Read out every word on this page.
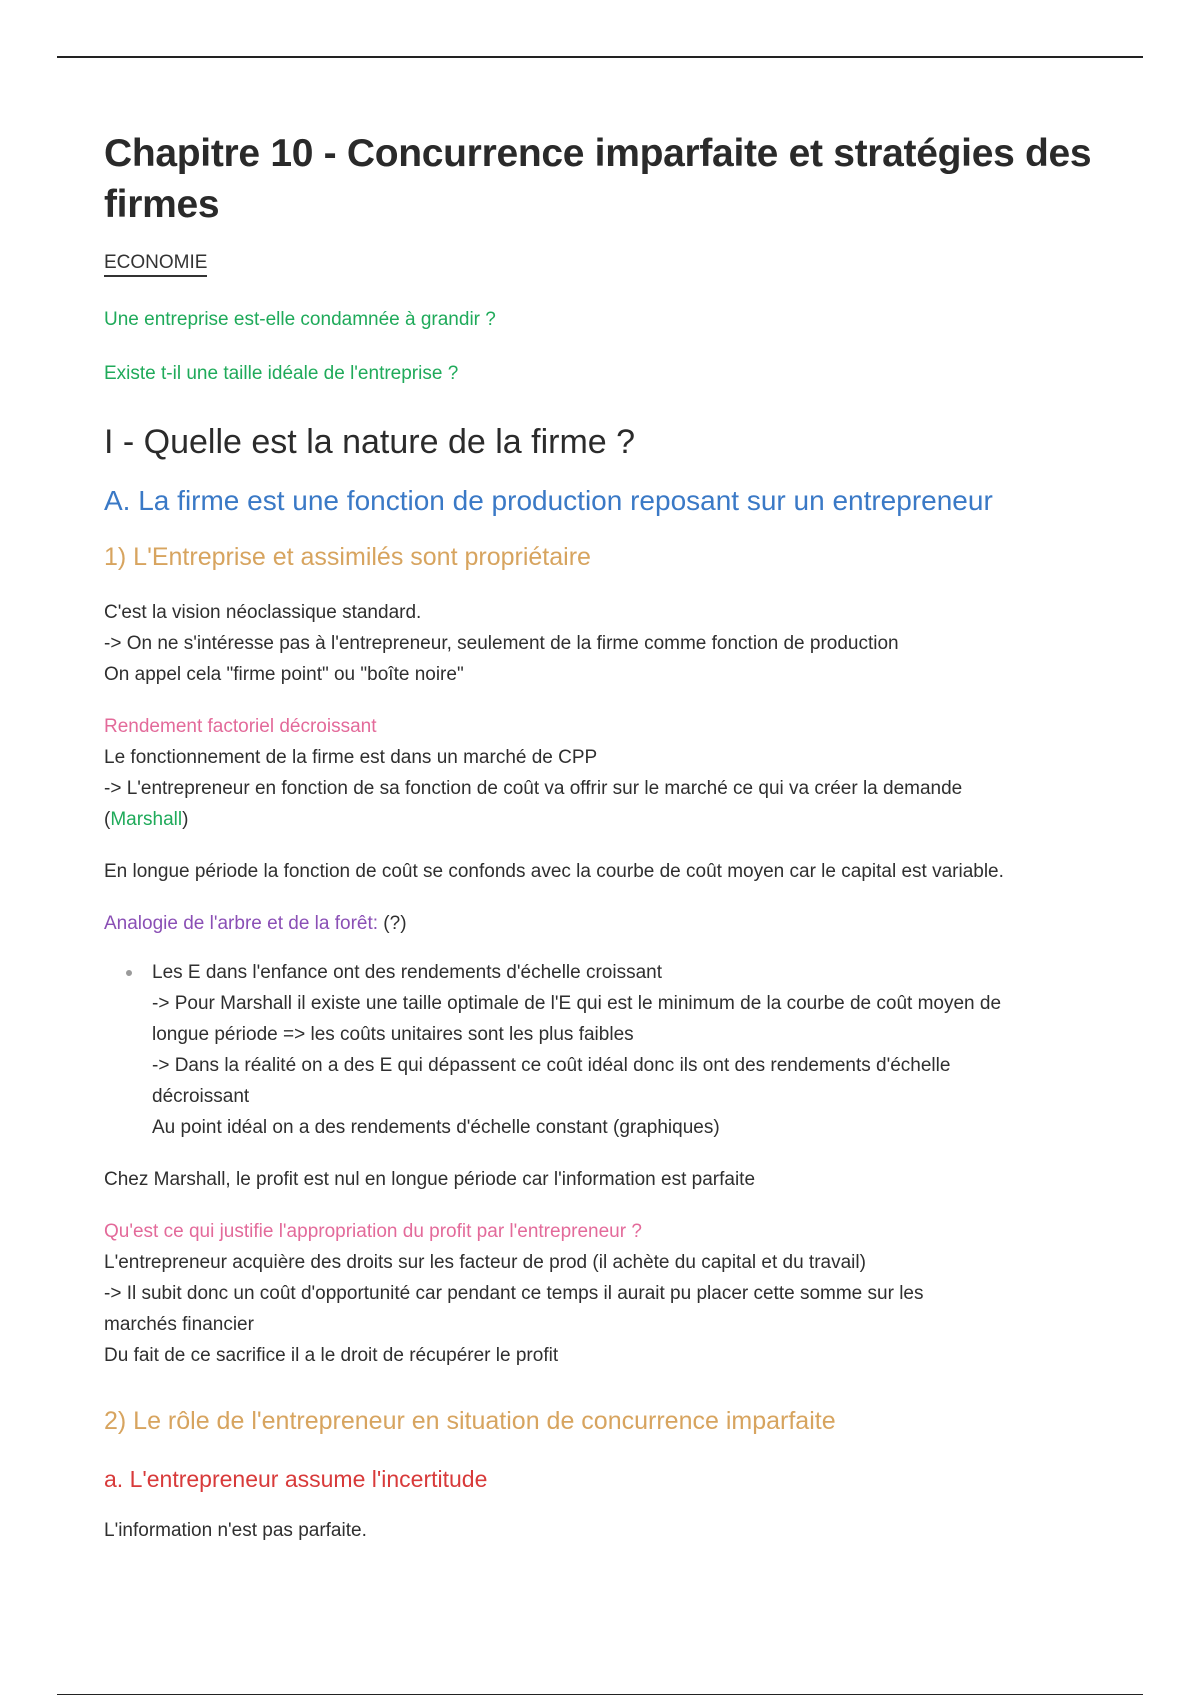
Chapitre 10 - Concurrence imparfaite et stratégies des firmes
ECONOMIE

Une entreprise est-elle condamnée à grandir ?

Existe t-il une taille idéale de l'entreprise ?

I - Quelle est la nature de la firme ?
A. La firme est une fonction de production reposant sur un entrepreneur
1) L'Entreprise et assimilés sont propriétaire
C'est la vision néoclassique standard.
-> On ne s'intéresse pas à l'entrepreneur, seulement de la firme comme fonction de production
On appel cela "firme point" ou "boîte noire"
Rendement factoriel décroissant
Le fonctionnement de la firme est dans un marché de CPP
-> L'entrepreneur en fonction de sa fonction de coût va offrir sur le marché ce qui va créer la demande
(Marshall)

En longue période la fonction de coût se confonds avec la courbe de coût moyen car le capital est variable.

Analogie de l'arbre et de la forêt: (?)
Les E dans l'enfance ont des rendements d'échelle croissant
-> Pour Marshall il existe une taille optimale de l'E qui est le minimum de la courbe de coût moyen de
longue période => les coûts unitaires sont les plus faibles
-> Dans la réalité on a des E qui dépassent ce coût idéal donc ils ont des rendements d'échelle
décroissant
Au point idéal on a des rendements d'échelle constant (graphiques)

Chez Marshall, le profit est nul en longue période car l'information est parfaite

Qu'est ce qui justifie l'appropriation du profit par l'entrepreneur ?
L'entrepreneur acquière des droits sur les facteur de prod (il achète du capital et du travail)
-> Il subit donc un coût d'opportunité car pendant ce temps il aurait pu placer cette somme sur les
marchés financier
Du fait de ce sacrifice il a le droit de récupérer le profit
2) Le rôle de l'entrepreneur en situation de concurrence imparfaite
a. L'entrepreneur assume l'incertitude

L'information n'est pas parfaite.
